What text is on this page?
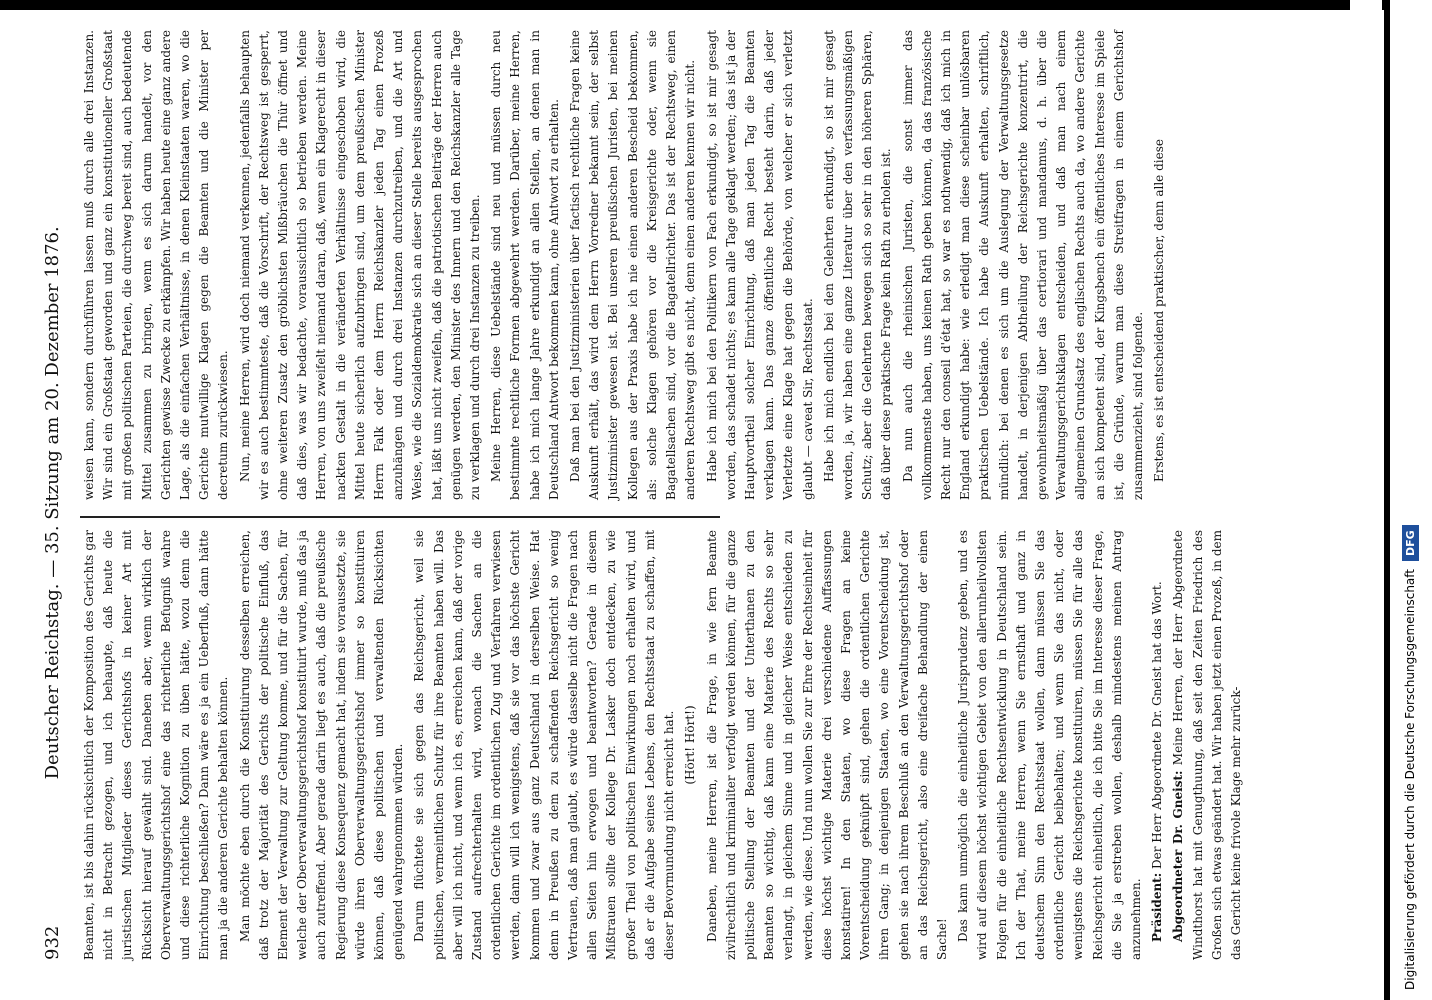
932
Deutscher Reichstag. — 35. Sitzung am 20. Dezember 1876. Beamten, ist bis dahin rücksichtlich der Komposition des Gerichts gar nicht in Betracht gezogen, und ich behaupte, daß heute die juristischen Mitglieder dieses Gerichtshofs in keiner Art mit Rücksicht hierauf gewählt sind. Daneben aber, wenn wirklich der Oberverwaltungsgerichtshof eine das richterliche Befugniß wahre und diese richterliche Kognition zu üben hätte, wozu denn die Einrichtung beschließen? Dann wäre es ja ein Ueberfluß, dann hätte man ja die anderen Gerichte behalten können. Man möchte eben durch die Konstituirung desselben erreichen, daß trotz der Majorität des Gerichts der politische Einfluß, das Element der Verwaltung zur Geltung komme, und für die Sachen, für welche der Oberverwaltungsgerichtshof konstituirt wurde, muß das ja auch zutreffend. Aber gerade darin liegt es auch, daß die preußische Regierung diese Konsequenz gemacht hat, indem sie voraussetzte, sie würde ihren Oberverwaltungsgerichtshof immer so konstituiren können, daß diese politischen und verwaltenden Rücksichten genügend wahrgenommen würden. Darum flüchtete sie sich gegen das Reichsgericht, weil sie politischen, vermeintlichen Schutz für ihre Beamten haben will. Das aber will ich nicht, und wenn ich es, erreichen kann, daß der vorige Zustand aufrechterhalten wird, wonach die Sachen an die ordentlichen Gerichte im ordentlichen Zug und Verfahren verwiesen werden, dann will ich wenigstens, daß sie vor das höchste Gericht kommen und zwar aus ganz Deutschland in derselben Weise. Hat denn in Preußen zu dem zu schaffenden Reichsgericht so wenig Vertrauen, daß man glaubt, es würde dasselbe nicht die Fragen nach allen Seiten hin erwogen und beantworten? Gerade in diesem Mißtrauen sollte der Kollege Dr. Lasker doch entdecken, zu wie großer Theil von politischen Einwirkungen noch erhalten wird, und daß er die Aufgabe seines Lebens, den Rechtsstaat zu schaffen, mit dieser Bevormundung nicht erreicht hat. (Hört! Hört!) Daneben, meine Herren, ist die Frage, in wie fern Beamte zivilrechtlich und kriminaliter verfolgt werden können, für die ganze politische Stellung der Beamten und der Unterthanen zu den Beamten so wichtig, daß kann eine Materie des Rechts so sehr verlangt, in gleichem Sinne und in gleicher Weise entschieden zu werden, wie diese. Und nun wollen Sie zur Ehre der Rechtseinheit für diese höchst wichtige Materie drei verschiedene Auffassungen konstatiren! In den Staaten, wo diese Fragen an keine Vorentscheidung geknüpft sind, gehen die ordentlichen Gerichte ihren Gang; in denjenigen Staaten, wo eine Vorentscheidung ist, gehen sie nach ihrem Beschluß an den Verwaltungsgerichtshof oder an das Reichsgericht, also eine dreifache Behandlung der einen Sache! Das kann unmöglich die einheitliche Jurisprudenz geben, und es wird auf diesem höchst wichtigen Gebiet von den allerunheilvollsten Folgen für die einheitliche Rechtsentwicklung in Deutschland sein. Ich der That, meine Herren, wenn Sie ernsthaft und ganz in deutschem Sinn den Rechtsstaat wollen, dann müssen Sie das ordentliche Gericht beibehalten; und wenn Sie das nicht, oder wenigstens die Reichsgerichte konstituiren, müssen Sie für alle das Reichsgericht einheitlich, die ich bitte Sie im Interesse dieser Frage, die Sie ja erstreben wollen, deshalb mindestens meinen Antrag anzunehmen. Präsident: Der Herr Abgeordnete Dr. Gneist hat das Wort. Abgeordneter Dr. Gneist: Meine Herren, der Herr Abgeordnete Windthorst hat mit Genugthuung, daß seit den Zeiten Friedrich des Großen sich etwas geändert hat. Wir haben jetzt einen Prozeß, in dem das Gericht keine frivole Klage mehr zurück-

weisen kann, sondern durchführen lassen muß durch alle drei Instanzen. Wir sind ein Großstaat geworden und ganz ein konstitutioneller Großstaat mit großen politischen Parteien, die durchweg bereit sind, auch bedeutende Mittel zusammen zu bringen, wenn es sich darum handelt, vor den Gerichten gewisse Zwecke zu erkämpfen. Wir haben heute eine ganz andere Lage, als die einfachen Verhältnisse, in denen Kleinstaaten waren, wo die Gerichte mutwillige Klagen gegen die Beamten und die Minister per decretum zurückwiesen. Nun, meine Herren, wird doch niemand verkennen, jedenfalls behaupten wir es auch bestimmteste, daß die Vorschrift, der Rechtsweg ist gesperrt, ohne weiteren Zusatz den gröblichsten Mißbräuchen die Thür öffnet und daß dies, was wir bedachte, voraussichtlich so betrieben werden. Meine Herren, von uns zweifelt niemand daran, daß, wenn ein Klagerecht in dieser nackten Gestalt in die veränderten Verhältnisse eingeschoben wird, die Mittel heute sicherlich aufzubringen sind, um dem preußischen Minister Herrn Falk oder dem Herrn Reichskanzler jeden Tag einen Prozeß anzuhängen und durch drei Instanzen durchzutreiben, und die Art und Weise, wie die Sozialdemokratie sich an dieser Stelle bereits ausgesprochen hat, läßt uns nicht zweifeln, daß die patriotischen Beiträge der Herren auch genügen werden, den Minister des Innern und den Reichskanzler alle Tage zu verklagen und durch drei Instanzen zu treiben. Meine Herren, diese Uebelstände sind neu und müssen durch neu bestimmte rechtliche Formen abgewehrt werden. Darüber, meine Herren, habe ich mich lange Jahre erkundigt an allen Stellen, an denen man in Deutschland Antwort bekommen kann, ohne Antwort zu erhalten. Daß man bei den Justizministerien über factisch rechtliche Fragen keine Auskunft erhält, das wird dem Herrn Vorredner bekannt sein, der selbst Justizminister gewesen ist. Bei unseren preußischen Juristen, bei meinen Kollegen aus der Praxis habe ich nie einen anderen Bescheid bekommen, als: solche Klagen gehören vor die Kreisgerichte oder, wenn sie Bagatellsachen sind, vor die Bagatellrichter. Das ist der Rechtsweg, einen anderen Rechtsweg gibt es nicht, denn einen anderen kennen wir nicht. Habe ich mich bei den Politikern von Fach erkundigt, so ist mir gesagt worden, das schadet nichts; es kann alle Tage geklagt werden; das ist ja der Hauptvortheil solcher Einrichtung, daß man jeden Tag die Beamten verklagen kann. Das ganze öffentliche Recht besteht darin, daß jeder Verletzte eine Klage hat gegen die Behörde, von welcher er sich verletzt glaubt — caveat Sir, Rechtsstaat. Habe ich mich endlich bei den Gelehrten erkundigt, so ist mir gesagt worden, ja, wir haben eine ganze Literatur über den verfassungsmäßigen Schutz; aber die Gelehrten bewegen sich so sehr in den höheren Sphären, daß über diese praktische Frage kein Rath zu erholen ist. Da nun auch die rheinischen Juristen, die sonst immer das vollkommenste haben, uns keinen Rath geben können, da das französische Recht nur den conseil d'état hat, so war es nothwendig, daß ich mich in England erkundigt habe: wie erledigt man diese scheinbar unlösbaren praktischen Uebelstände. Ich habe die Auskunft erhalten, schriftlich, mündlich: bei denen es sich um die Auslegung der Verwaltungsgesetze handelt, in derjenigen Abtheilung der Reichsgerichte konzentrirt, die gewohnheitsmäßig über das certiorari und mandamus, d. h. über die Verwaltungsgerichtsklagen entscheiden, und daß man nach einem allgemeinen Grundsatz des englischen Rechts auch da, wo andere Gerichte an sich kompetent sind, der Kingsbench ein öffentliches Interesse im Spiele ist, die Gründe, warum man diese Streitfragen in einem Gerichtshof zusammenzieht, sind folgende. Erstens, es ist entscheidend praktischer, denn alle diese

Digitalisierung gefördert durch die Deutsche Forschungsgemeinschaft
DFG
